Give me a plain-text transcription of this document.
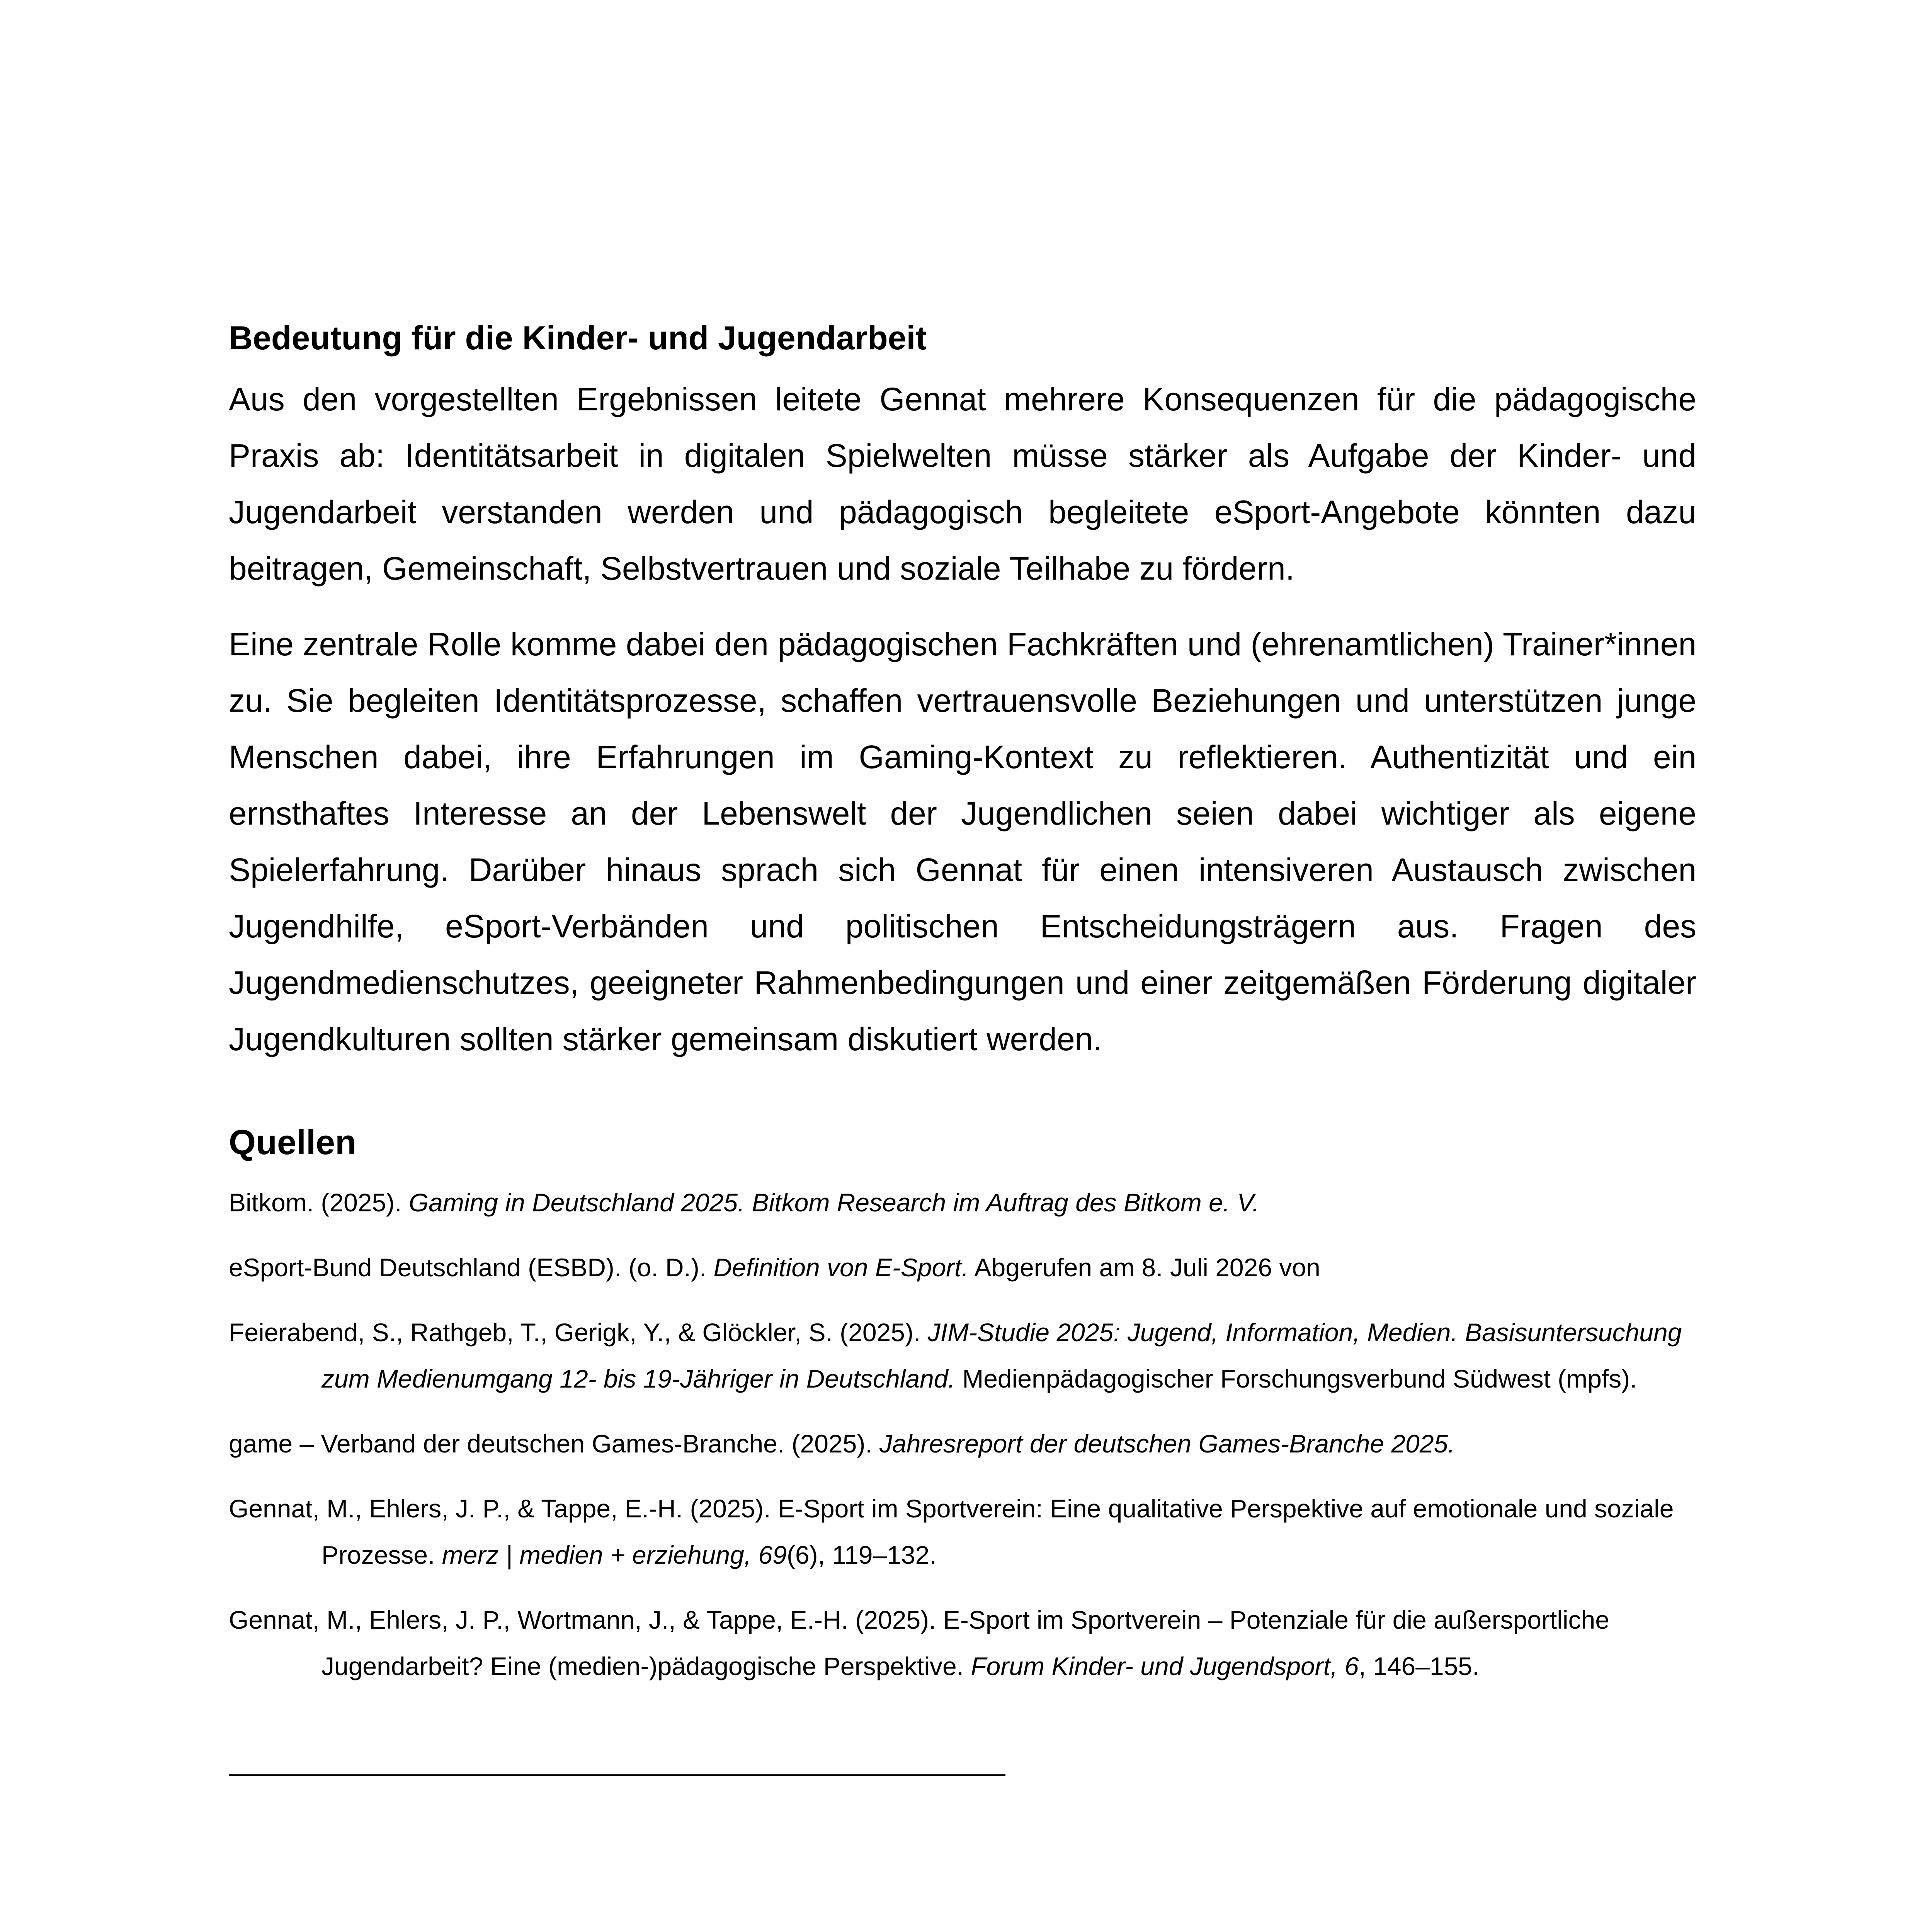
Bedeutung für die Kinder- und Jugendarbeit

Aus den vorgestellten Ergebnissen leitete Gennat mehrere Konsequenzen für die pädagogische Praxis ab: Identitätsarbeit in digitalen Spielwelten müsse stärker als Aufgabe der Kinder- und Jugendarbeit verstanden werden und pädagogisch begleitete eSport-Angebote könnten dazu beitragen, Gemeinschaft, Selbstvertrauen und soziale Teilhabe zu fördern.

Eine zentrale Rolle komme dabei den pädagogischen Fachkräften und (ehrenamtlichen) Trainer*innen zu. Sie begleiten Identitätsprozesse, schaffen vertrauensvolle Beziehungen und unterstützen junge Menschen dabei, ihre Erfahrungen im Gaming-Kontext zu reflektieren. Authentizität und ein ernsthaftes Interesse an der Lebenswelt der Jugendlichen seien dabei wichtiger als eigene Spielerfahrung. Darüber hinaus sprach sich Gennat für einen intensiveren Austausch zwischen Jugendhilfe, eSport-Verbänden und politischen Entscheidungsträgern aus. Fragen des Jugendmedienschutzes, geeigneter Rahmenbedingungen und einer zeitgemäßen Förderung digitaler Jugendkulturen sollten stärker gemeinsam diskutiert werden.

Quellen

Bitkom. (2025). Gaming in Deutschland 2025. Bitkom Research im Auftrag des Bitkom e. V.

eSport-Bund Deutschland (ESBD). (o. D.). Definition von E-Sport. Abgerufen am 8. Juli 2026 von

Feierabend, S., Rathgeb, T., Gerigk, Y., & Glöckler, S. (2025). JIM-Studie 2025: Jugend, Information, Medien. Basisuntersuchung zum Medienumgang 12- bis 19-Jähriger in Deutschland. Medienpädagogischer Forschungsverbund Südwest (mpfs).

game – Verband der deutschen Games-Branche. (2025). Jahresreport der deutschen Games-Branche 2025.

Gennat, M., Ehlers, J. P., & Tappe, E.-H. (2025). E-Sport im Sportverein: Eine qualitative Perspektive auf emotionale und soziale Prozesse. merz | medien + erziehung, 69(6), 119–132.

Gennat, M., Ehlers, J. P., Wortmann, J., & Tappe, E.-H. (2025). E-Sport im Sportverein – Potenziale für die außersportliche Jugendarbeit? Eine (medien-)pädagogische Perspektive. Forum Kinder- und Jugendsport, 6, 146–155.
